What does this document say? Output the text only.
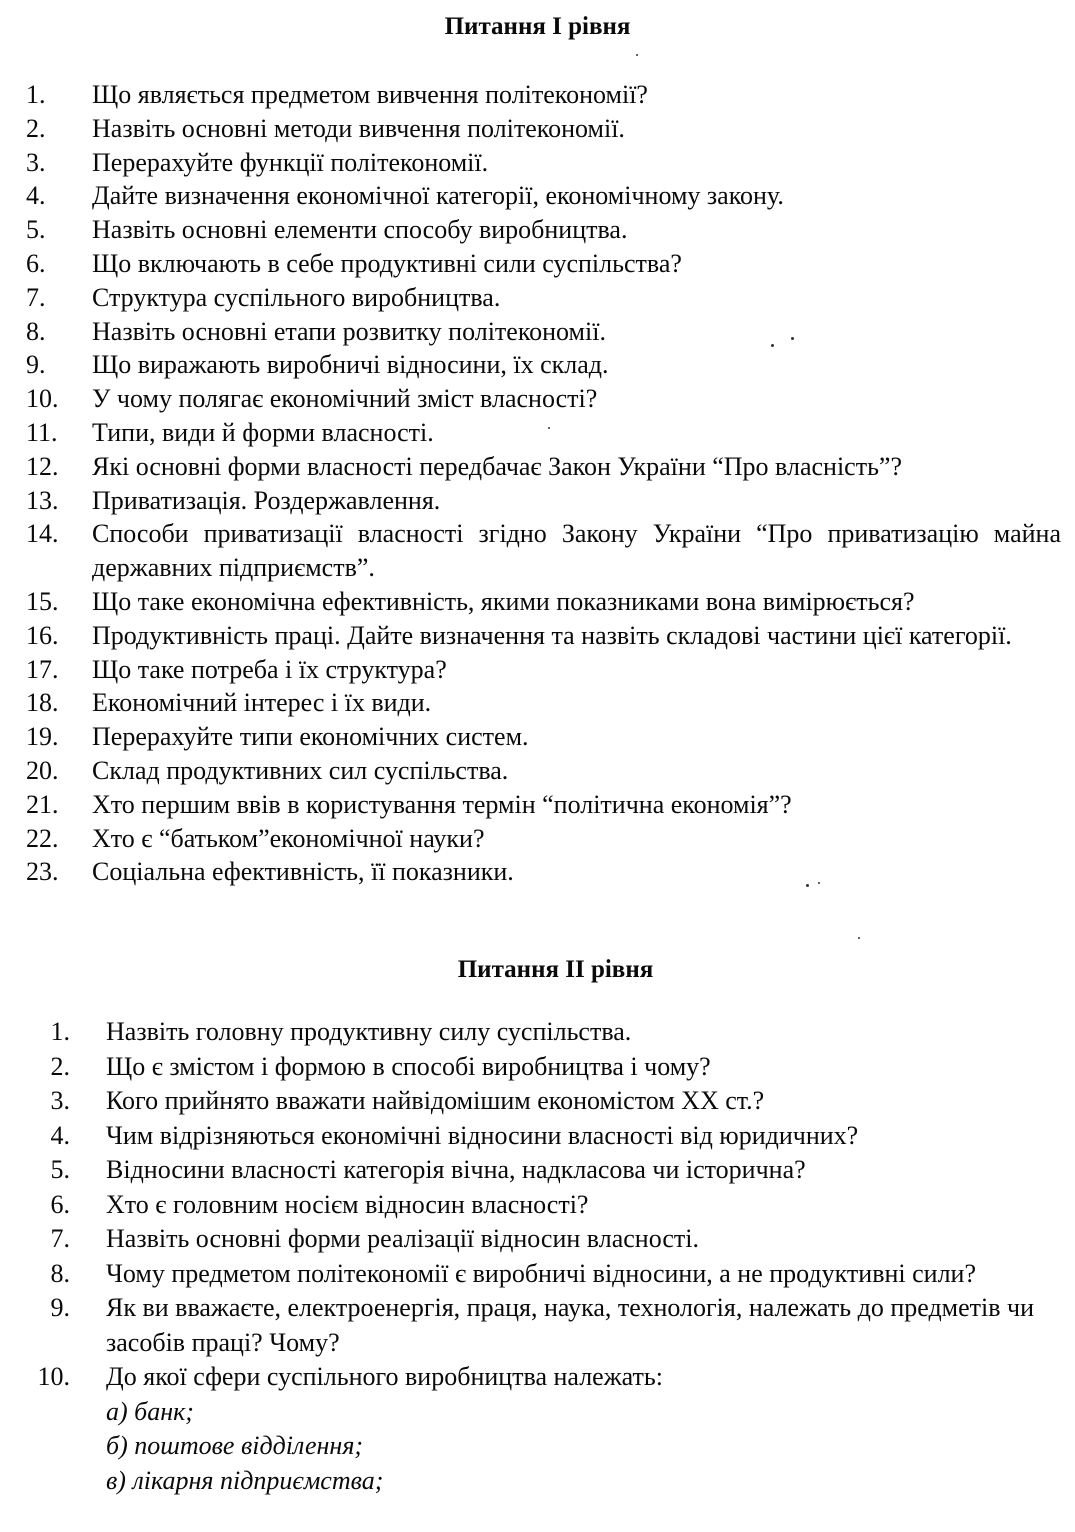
Питання I рівня
1.	Що являється предметом вивчення політекономії?
2.	Назвіть основні методи вивчення політекономії.
3.	Перерахуйте функції політекономії.
4.	Дайте визначення економічної категорії, економічному закону.
5.	Назвіть основні елементи способу виробництва.
6.	Що включають в себе продуктивні сили суспільства?
7.	Структура суспільного виробництва.
8.	Назвіть основні етапи розвитку політекономії.
9.	Що виражають виробничі відносини, їх склад.
10.	У чому полягає економічний зміст власності?
11.	Типи, види й форми власності.
12.	Які основні форми власності передбачає Закон України “Про власність”?
13.	Приватизація. Роздержавлення.
14.	Способи приватизації власності згідно Закону України “Про приватизацію майна державних підприємств”.
15.	Що таке економічна ефективність, якими показниками вона вимірюється?
16.	Продуктивність праці. Дайте визначення та назвіть складові частини цієї категорії.
17.	Що таке потреба і їх структура?
18.	Економічний інтерес і їх види.
19.	Перерахуйте типи економічних систем.
20.	Склад продуктивних сил суспільства.
21.	Хто першим ввів в користування термін “політична економія”?
22.	Хто є “батьком”економічної науки?
23.	Соціальна ефективність, її показники.
Питання II рівня
1. Назвіть головну продуктивну силу суспільства.
2. Що є змістом і формою в способі виробництва і чому?
3. Кого прийнято вважати найвідомішим економістом XX ст.?
4. Чим відрізняються економічні відносини власності від юридичних?
5. Відносини власності категорія вічна, надкласова чи історична?
6. Хто є головним носієм відносин власності?
7. Назвіть основні форми реалізації відносин власності.
8. Чому предметом політекономії є виробничі відносини, а не продуктивні сили?
9. Як ви вважаєте, електроенергія, праця, наука, технологія, належать до предметів чи засобів праці? Чому?
10. До якої сфери суспільного виробництва належать:
а) банк;
б) поштове відділення;
в) лікарня підприємства;
